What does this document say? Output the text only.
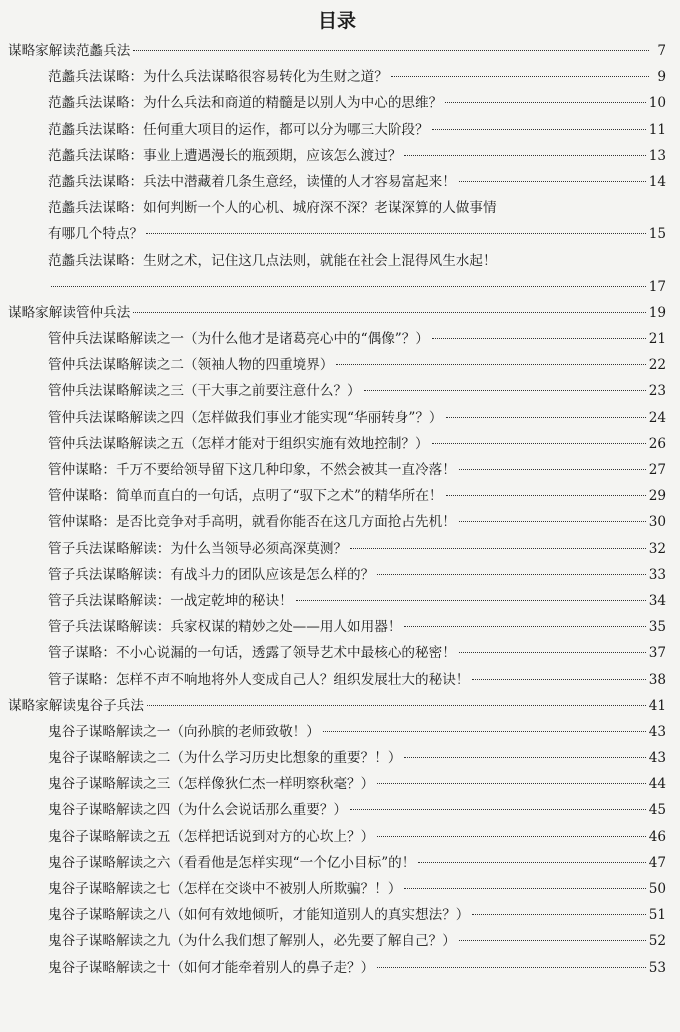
目录
谋略家解读范蠡兵法	7
范蠡兵法谋略：为什么兵法谋略很容易转化为生财之道？	9
范蠡兵法谋略：为什么兵法和商道的精髓是以别人为中心的思维？	10
范蠡兵法谋略：任何重大项目的运作，都可以分为哪三大阶段？	11
范蠡兵法谋略：事业上遭遇漫长的瓶颈期，应该怎么渡过？	13
范蠡兵法谋略：兵法中潜藏着几条生意经，读懂的人才容易富起来！	14
范蠡兵法谋略：如何判断一个人的心机、城府深不深？老谋深算的人做事情
有哪几个特点？	15
范蠡兵法谋略：生财之术，记住这几点法则，就能在社会上混得风生水起！
17
谋略家解读管仲兵法	19
管仲兵法谋略解读之一（为什么他才是诸葛亮心中的“偶像”？）	21
管仲兵法谋略解读之二（领袖人物的四重境界）	22
管仲兵法谋略解读之三（干大事之前要注意什么？）	23
管仲兵法谋略解读之四（怎样做我们事业才能实现“华丽转身”？）	24
管仲兵法谋略解读之五（怎样才能对于组织实施有效地控制？）	26
管仲谋略：千万不要给领导留下这几种印象，不然会被其一直冷落！	27
管仲谋略：简单而直白的一句话，点明了“驭下之术”的精华所在！	29
管仲谋略：是否比竞争对手高明，就看你能否在这几方面抢占先机！	30
管子兵法谋略解读：为什么当领导必须高深莫测？	32
管子兵法谋略解读：有战斗力的团队应该是怎么样的？	33
管子兵法谋略解读：一战定乾坤的秘诀！	34
管子兵法谋略解读：兵家权谋的精妙之处——用人如用器！	35
管子谋略：不小心说漏的一句话，透露了领导艺术中最核心的秘密！	37
管子谋略：怎样不声不响地将外人变成自己人？组织发展壮大的秘诀！	38
谋略家解读鬼谷子兵法	41
鬼谷子谋略解读之一（向孙膑的老师致敬！）	43
鬼谷子谋略解读之二（为什么学习历史比想象的重要？！）	43
鬼谷子谋略解读之三（怎样像狄仁杰一样明察秋毫？）	44
鬼谷子谋略解读之四（为什么会说话那么重要？）	45
鬼谷子谋略解读之五（怎样把话说到对方的心坎上？）	46
鬼谷子谋略解读之六（看看他是怎样实现“一个亿小目标”的！	47
鬼谷子谋略解读之七（怎样在交谈中不被别人所欺骗？！）	50
鬼谷子谋略解读之八（如何有效地倾听，才能知道别人的真实想法？）	51
鬼谷子谋略解读之九（为什么我们想了解别人，必先要了解自己？）	52
鬼谷子谋略解读之十（如何才能牵着别人的鼻子走？）	53
